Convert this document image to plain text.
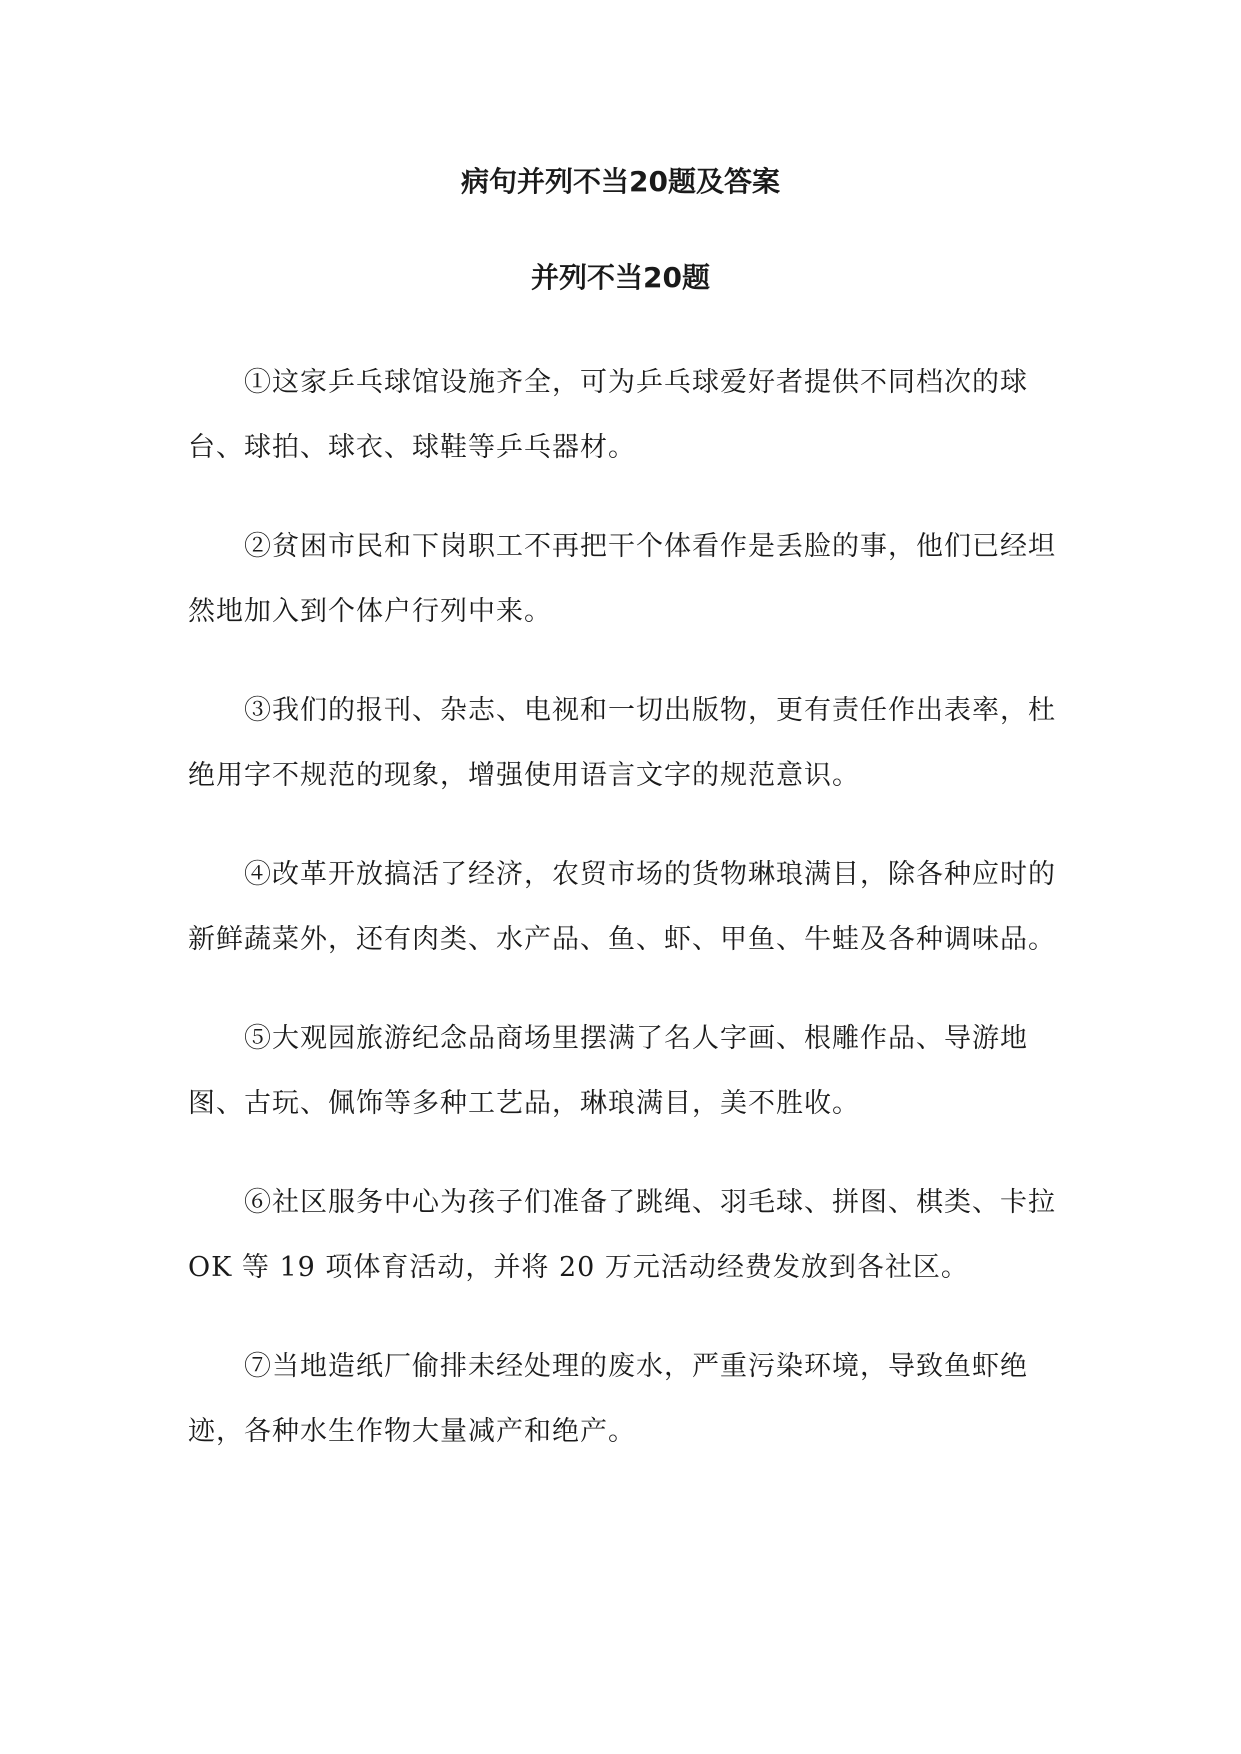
病句并列不当20题及答案
并列不当20题

①这家乒乓球馆设施齐全，可为乒乓球爱好者提供不同档次的球台、球拍、球衣、球鞋等乒乓器材。

②贫困市民和下岗职工不再把干个体看作是丢脸的事，他们已经坦然地加入到个体户行列中来。

③我们的报刊、杂志、电视和一切出版物，更有责任作出表率，杜绝用字不规范的现象，增强使用语言文字的规范意识。

④改革开放搞活了经济，农贸市场的货物琳琅满目，除各种应时的新鲜蔬菜外，还有肉类、水产品、鱼、虾、甲鱼、牛蛙及各种调味品。

⑤大观园旅游纪念品商场里摆满了名人字画、根雕作品、导游地图、古玩、佩饰等多种工艺品，琳琅满目，美不胜收。

⑥社区服务中心为孩子们准备了跳绳、羽毛球、拼图、棋类、卡拉 OK 等 19 项体育活动，并将 20 万元活动经费发放到各社区。

⑦当地造纸厂偷排未经处理的废水，严重污染环境，导致鱼虾绝迹，各种水生作物大量减产和绝产。
